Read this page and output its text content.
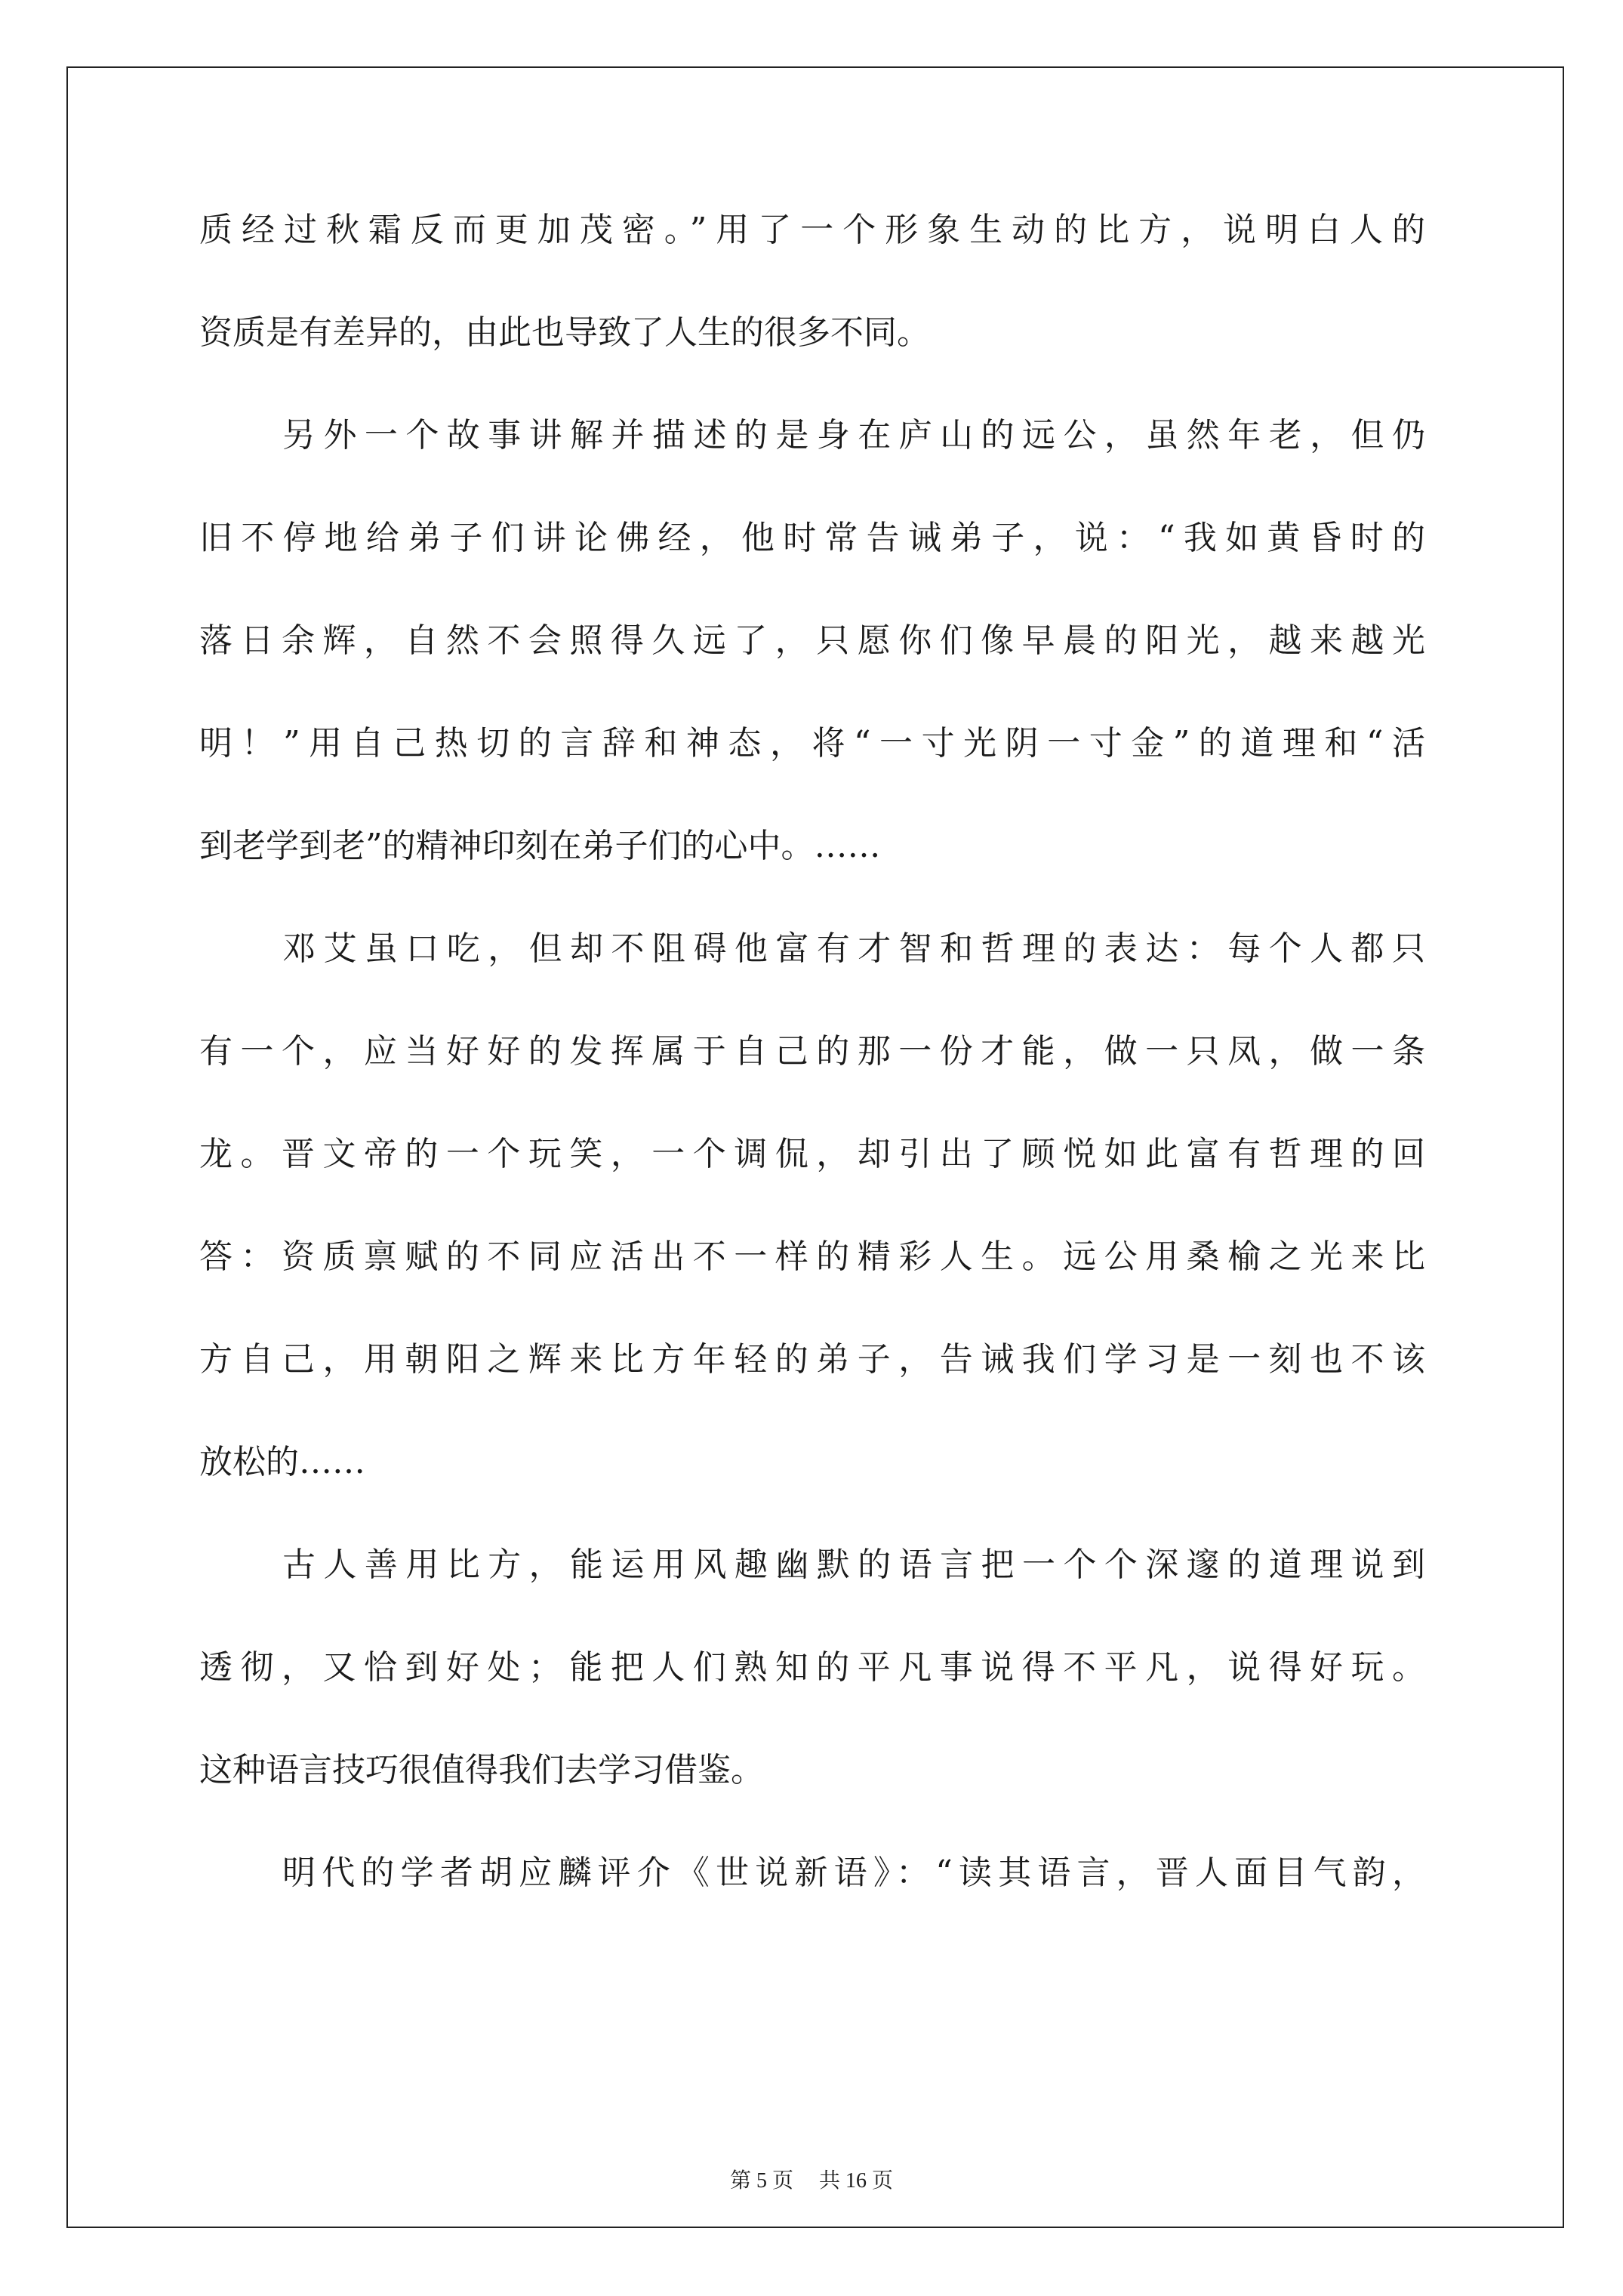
质经过秋霜反而更加茂密。”用了一个形象生动的比方，说明白人的
资质是有差异的，由此也导致了人生的很多不同。
另外一个故事讲解并描述的是身在庐山的远公，虽然年老，但仍
旧不停地给弟子们讲论佛经，他时常告诫弟子，说：“我如黄昏时的
落日余辉，自然不会照得久远了，只愿你们像早晨的阳光，越来越光
明！”用自己热切的言辞和神态，将“一寸光阴一寸金”的道理和“活
到老学到老”的精神印刻在弟子们的心中。……
邓艾虽口吃，但却不阻碍他富有才智和哲理的表达：每个人都只
有一个，应当好好的发挥属于自己的那一份才能，做一只凤，做一条
龙。晋文帝的一个玩笑，一个调侃，却引出了顾悦如此富有哲理的回
答：资质禀赋的不同应活出不一样的精彩人生。远公用桑榆之光来比
方自己，用朝阳之辉来比方年轻的弟子，告诫我们学习是一刻也不该
放松的……
古人善用比方，能运用风趣幽默的语言把一个个深邃的道理说到
透彻，又恰到好处；能把人们熟知的平凡事说得不平凡，说得好玩。
这种语言技巧很值得我们去学习借鉴。
明代的学者胡应麟评介《世说新语》：“读其语言，晋人面目气韵，
第 5 页 共 16 页
